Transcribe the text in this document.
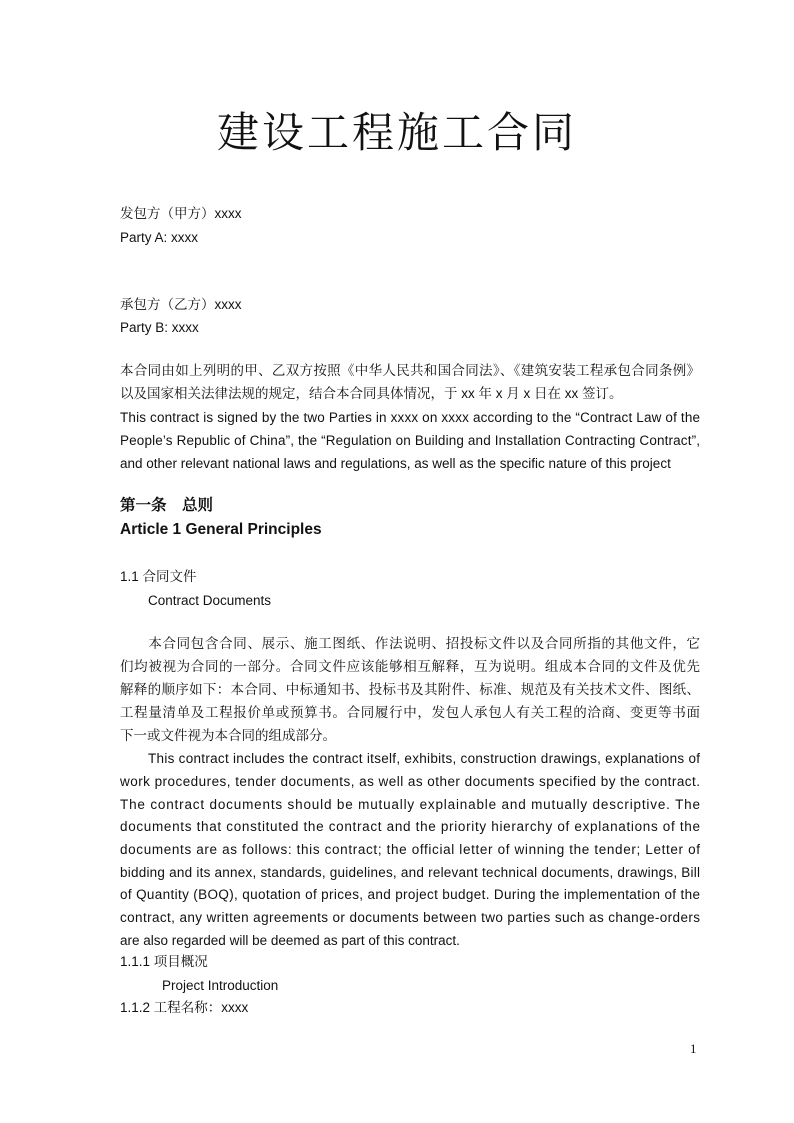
建设工程施工合同
发包方（甲方）xxxx
Party A: xxxx
承包方（乙方）xxxx
Party B: xxxx
本合同由如上列明的甲、乙双方按照《中华人民共和国合同法》、《建筑安装工程承包合同条例》
以及国家相关法律法规的规定，结合本合同具体情况，于 xx 年 x 月 x 日在 xx 签订。
This contract is signed by the two Parties in xxxx on xxxx according to the “Contract Law of the
People’s Republic of China”, the “Regulation on Building and Installation Contracting Contract”,
and other relevant national laws and regulations, as well as the specific nature of this project
第一条　总则
Article 1 General Principles
1.1 合同文件
Contract Documents
　　本合同包含合同、展示、施工图纸、作法说明、招投标文件以及合同所指的其他文件，它
们均被视为合同的一部分。合同文件应该能够相互解释，互为说明。组成本合同的文件及优先
解释的顺序如下：本合同、中标通知书、投标书及其附件、标准、规范及有关技术文件、图纸、
工程量清单及工程报价单或预算书。合同履行中，发包人承包人有关工程的洽商、变更等书面
下一或文件视为本合同的组成部分。
This contract includes the contract itself, exhibits, construction drawings, explanations of
work procedures, tender documents, as well as other documents specified by the contract.
The contract documents should be mutually explainable and mutually descriptive. The
documents that constituted the contract and the priority hierarchy of explanations of the
documents are as follows: this contract; the official letter of winning the tender; Letter of
bidding and its annex, standards, guidelines, and relevant technical documents, drawings, Bill
of Quantity (BOQ), quotation of prices, and project budget. During the implementation of the
contract, any written agreements or documents between two parties such as change-orders
are also regarded will be deemed as part of this contract.
1.1.1 项目概况
Project Introduction
1.1.2 工程名称：xxxx
1
